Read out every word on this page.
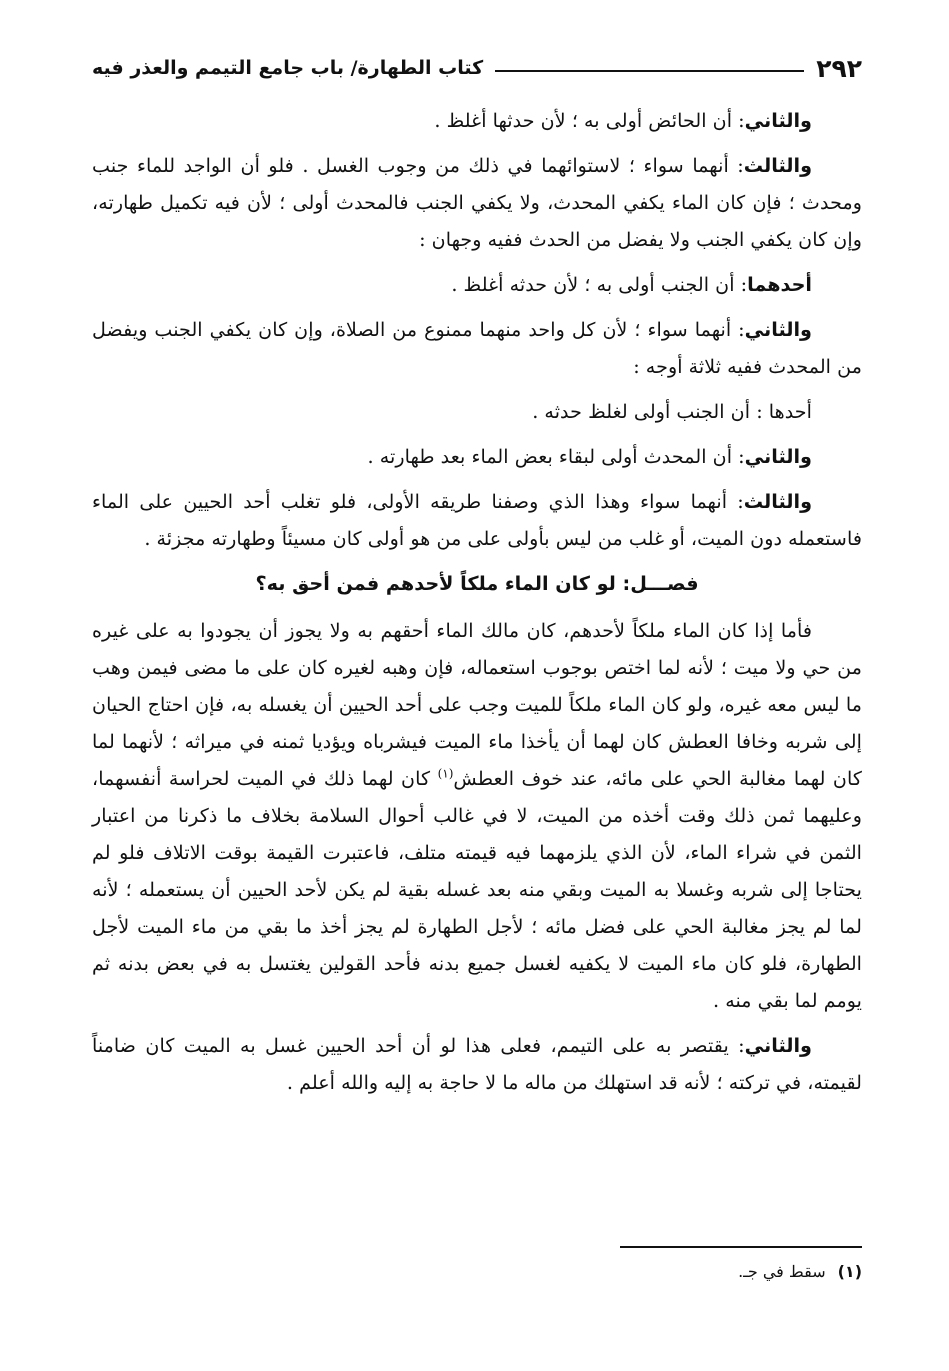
٢٩٢
كتاب الطهارة/ باب جامع التيمم والعذر فيه

والثاني: أن الحائض أولى به ؛ لأن حدثها أغلظ .

والثالث: أنهما سواء ؛ لاستوائهما في ذلك من وجوب الغسل . فلو أن الواجد للماء جنب ومحدث ؛ فإن كان الماء يكفي المحدث، ولا يكفي الجنب فالمحدث أولى ؛ لأن فيه تكميل طهارته، وإن كان يكفي الجنب ولا يفضل من الحدث ففيه وجهان :

أحدهما: أن الجنب أولى به ؛ لأن حدثه أغلظ .

والثاني: أنهما سواء ؛ لأن كل واحد منهما ممنوع من الصلاة، وإن كان يكفي الجنب ويفضل من المحدث ففيه ثلاثة أوجه :

أحدها : أن الجنب أولى لغلظ حدثه .

والثاني: أن المحدث أولى لبقاء بعض الماء بعد طهارته .

والثالث: أنهما سواء وهذا الذي وصفنا طريقه الأولى، فلو تغلب أحد الحيين على الماء فاستعمله دون الميت، أو غلب من ليس بأولى على من هو أولى كان مسيئاً وطهارته مجزئة .

فصـــل: لو كان الماء ملكاً لأحدهم فمن أحق به؟

فأما إذا كان الماء ملكاً لأحدهم، كان مالك الماء أحقهم به ولا يجوز أن يجودوا به على غيره من حي ولا ميت ؛ لأنه لما اختص بوجوب استعماله، فإن وهبه لغيره كان على ما مضى فيمن وهب ما ليس معه غيره، ولو كان الماء ملكاً للميت وجب على أحد الحيين أن يغسله به، فإن احتاج الحيان إلى شربه وخافا العطش كان لهما أن يأخذا ماء الميت فيشرباه ويؤديا ثمنه في ميراثه ؛ لأنهما لما كان لهما مغالبة الحي على مائه، عند خوف العطش$^{(١)}$ كان لهما ذلك في الميت لحراسة أنفسهما، وعليهما ثمن ذلك وقت أخذه من الميت، لا في غالب أحوال السلامة بخلاف ما ذكرنا من اعتبار الثمن في شراء الماء، لأن الذي يلزمهما فيه قيمته متلف، فاعتبرت القيمة بوقت الاتلاف فلو لم يحتاجا إلى شربه وغسلا به الميت وبقي منه بعد غسله بقية لم يكن لأحد الحيين أن يستعمله ؛ لأنه لما لم يجز مغالبة الحي على فضل مائه ؛ لأجل الطهارة لم يجز أخذ ما بقي من ماء الميت لأجل الطهارة، فلو كان ماء الميت لا يكفيه لغسل جميع بدنه فأحد القولين يغتسل به في بعض بدنه ثم يومم لما بقي منه .

والثاني: يقتصر به على التيمم، فعلى هذا لو أن أحد الحيين غسل به الميت كان ضامناً لقيمته، في تركته ؛ لأنه قد استهلك من ماله ما لا حاجة به إليه والله أعلم .

(١)سقط في جـ.
